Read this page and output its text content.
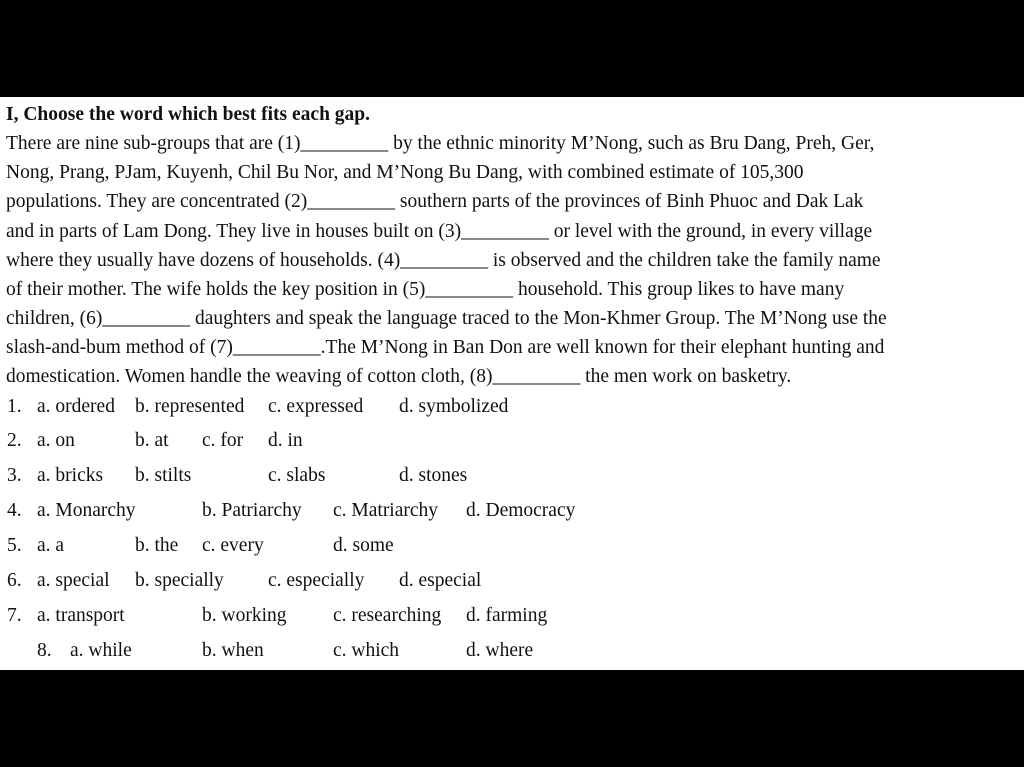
I, Choose the word which best fits each gap.
There are nine sub-groups that are (1)_________ by the ethnic minority M’Nong, such as Bru Dang, Preh, Ger,
Nong, Prang, PJam, Kuyenh, Chil Bu Nor, and M’Nong Bu Dang, with combined estimate of 105,300
populations. They are concentrated (2)_________ southern parts of the provinces of Binh Phuoc and Dak Lak
and in parts of Lam Dong. They live in houses built on (3)_________ or level with the ground, in every village
where they usually have dozens of households. (4)_________ is observed and the children take the family name
of their mother. The wife holds the key position in (5)_________ household. This group likes to have many
children, (6)_________ daughters and speak the language traced to the Mon-Khmer Group. The M’Nong use the
slash-and-bum method of (7)_________.The M’Nong in Ban Don are well known for their elephant hunting and
domestication. Women handle the weaving of cotton cloth, (8)_________ the men work on basketry.
1. a. ordered b. represented c. expressed d. symbolized
2. a. on	b. at c. for d. in
3. a. bricks b. stilts	c. slabs	d. stones
4. a. Monarchy	b. Patriarchy c. Matriarchy d. Democracy
5. a. a	b. the c. every	d. some
6. a. special b. specially c. especially d. especial
7. a. transport	b. working c. researching d. farming
8. a. while	b. when	c. which	d. where
